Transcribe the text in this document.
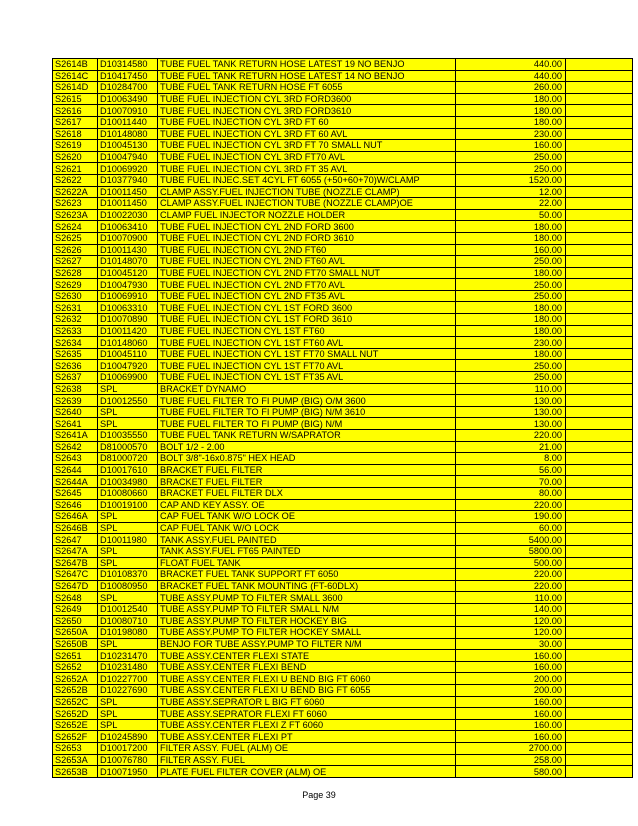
S2614B	D10314580	TUBE FUEL TANK RETURN HOSE LATEST 19 NO BENJO	440.00	
S2614C	D10417450	TUBE FUEL TANK RETURN HOSE LATEST 14 NO BENJO	440.00	
S2614D	D10284700	TUBE FUEL TANK RETURN HOSE FT 6055	260.00	
S2615	D10063490	TUBE FUEL INJECTION CYL 3RD FORD3600	180.00	
S2616	D10070910	TUBE FUEL INJECTION CYL 3RD FORD3610	180.00	
S2617	D10011440	TUBE FUEL INJECTION CYL 3RD FT 60	180.00	
S2618	D10148080	TUBE FUEL INJECTION CYL 3RD FT 60 AVL	230.00	
S2619	D10045130	TUBE FUEL INJECTION CYL 3RD FT 70 SMALL NUT	160.00	
S2620	D10047940	TUBE FUEL INJECTION CYL 3RD FT70 AVL	250.00	
S2621	D10069920	TUBE FUEL INJECTION CYL 3RD FT 35 AVL	250.00	
S2622	D10377940	TUBE FUEL INJEC.SET 4CYL FT 6055 (+50+60+70)W/CLAMP	1520.00	
S2622A	D10011450	CLAMP ASSY.FUEL INJECTION TUBE (NOZZLE CLAMP)	12.00	
S2623	D10011450	CLAMP ASSY.FUEL INJECTION TUBE (NOZZLE CLAMP)OE	22.00	
S2623A	D10022030	CLAMP FUEL INJECTOR NOZZLE HOLDER	50.00	
S2624	D10063410	TUBE FUEL INJECTION CYL 2ND FORD 3600	180.00	
S2625	D10070900	TUBE FUEL INJECTION CYL 2ND FORD 3610	180.00	
S2626	D10011430	TUBE FUEL INJECTION CYL 2ND FT60	160.00	
S2627	D10148070	TUBE FUEL INJECTION CYL 2ND FT60 AVL	250.00	
S2628	D10045120	TUBE FUEL INJECTION CYL 2ND FT70 SMALL NUT	180.00	
S2629	D10047930	TUBE FUEL INJECTION CYL 2ND FT70 AVL	250.00	
S2630	D10069910	TUBE FUEL INJECTION CYL 2ND FT35 AVL	250.00	
S2631	D10063310	TUBE FUEL INJECTION CYL 1ST FORD 3600	180.00	
S2632	D10070890	TUBE FUEL INJECTION CYL 1ST FORD 3610	180.00	
S2633	D10011420	TUBE FUEL INJECTION CYL 1ST FT60	180.00	
S2634	D10148060	TUBE FUEL INJECTION CYL 1ST FT60 AVL	230.00	
S2635	D10045110	TUBE FUEL INJECTION CYL 1ST FT70 SMALL NUT	180.00	
S2636	D10047920	TUBE FUEL INJECTION CYL 1ST FT70 AVL	250.00	
S2637	D10069900	TUBE FUEL INJECTION CYL 1ST FT35 AVL	250.00	
S2638	SPL	BRACKET DYNAMO	110.00	
S2639	D10012550	TUBE FUEL FILTER TO FI PUMP (BIG) O/M 3600	130.00	
S2640	SPL	TUBE FUEL FILTER TO FI PUMP (BIG) N/M 3610	130.00	
S2641	SPL	TUBE FUEL FILTER TO FI PUMP (BIG) N/M	130.00	
S2641A	D10035550	TUBE FUEL TANK RETURN W/SAPRATOR	220.00	
S2642	D81000570	BOLT 1/2 - 2.00	21.00	
S2643	D81000720	BOLT 3/8"-16x0.875" HEX HEAD	8.00	
S2644	D10017610	BRACKET FUEL FILTER	56.00	
S2644A	D10034980	BRACKET FUEL FILTER	70.00	
S2645	D10080660	BRACKET FUEL FILTER DLX	80.00	
S2646	D10019100	CAP AND KEY ASSY. OE	220.00	
S2646A	SPL	CAP FUEL TANK W/O LOCK OE	190.00	
S2646B	SPL	CAP FUEL TANK W/O LOCK	60.00	
S2647	D10011980	TANK ASSY.FUEL PAINTED	5400.00	
S2647A	SPL	TANK ASSY.FUEL FT65 PAINTED	5800.00	
S2647B	SPL	FLOAT FUEL TANK	500.00	
S2647C	D10108370	BRACKET FUEL TANK SUPPORT FT 6050	220.00	
S2647D	D10080950	BRACKET FUEL TANK MOUNTING (FT-60DLX)	220.00	
S2648	SPL	TUBE ASSY.PUMP TO FILTER SMALL 3600	110.00	
S2649	D10012540	TUBE ASSY.PUMP TO FILTER SMALL N/M	140.00	
S2650	D10080710	TUBE ASSY.PUMP TO FILTER HOCKEY BIG	120.00	
S2650A	D10198080	TUBE ASSY.PUMP TO FILTER HOCKEY SMALL	120.00	
S2650B	SPL	BENJO FOR TUBE ASSY.PUMP TO FILTER N/M	30.00	
S2651	D10231470	TUBE ASSY.CENTER FLEXI STATE	160.00	
S2652	D10231480	TUBE ASSY.CENTER FLEXI BEND	160.00	
S2652A	D10227700	TUBE ASSY.CENTER FLEXI U BEND BIG FT 6060	200.00	
S2652B	D10227690	TUBE ASSY.CENTER FLEXI U BEND BIG FT 6055	200.00	
S2652C	SPL	TUBE ASSY.SEPRATOR L BIG FT 6060	160.00	
S2652D	SPL	TUBE ASSY.SEPRATOR FLEXI FT 6060	160.00	
S2652E	SPL	TUBE ASSY.CENTER FLEXI Z FT 6060	160.00	
S2652F	D10245890	TUBE ASSY.CENTER FLEXI PT	160.00	
S2653	D10017200	FILTER ASSY. FUEL (ALM) OE	2700.00	
S2653A	D10076780	FILTER ASSY. FUEL	258.00	
S2653B	D10071950	PLATE FUEL FILTER COVER (ALM) OE	580.00	
Page 39
